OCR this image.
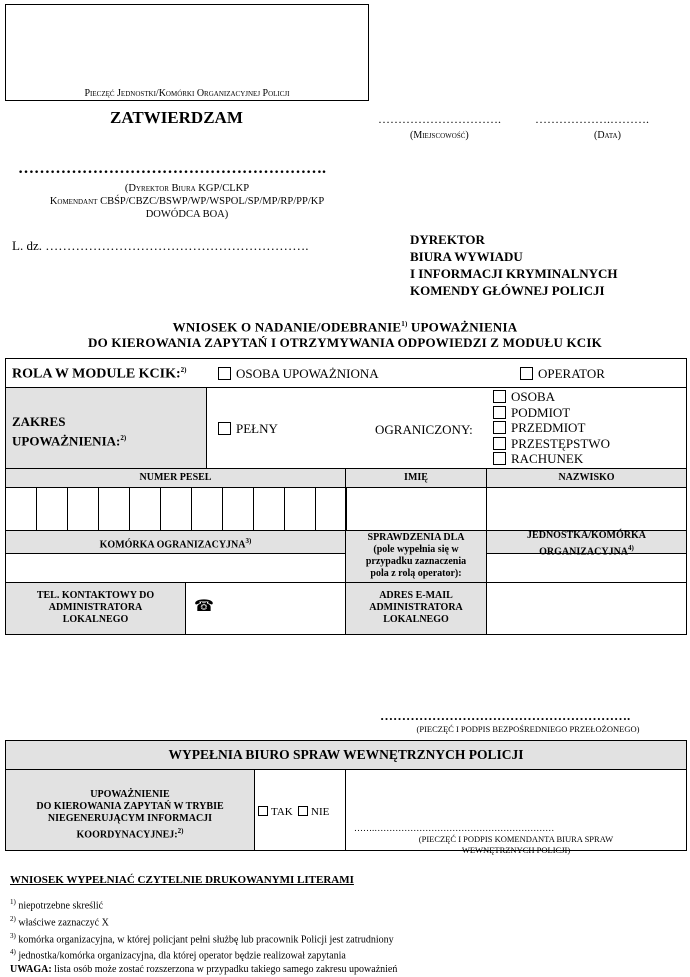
Pieczęć Jednostki/Komórki Organizacyjnej Policji
ZATWIERDZAM	………………………….
(Miejscowość)
……………….……….
(Data)
………………………………………………….
(Dyrektor Biura KGP/CLKP
Komendant CBŚP/CBZC/BSWP/WP/WSPOL/SP/MP/RP/PP/KP
DOWÓDCA BOA)
L. dz. …………………………………………………….	DYREKTOR
BIURA WYWIADU
I INFORMACJI KRYMINALNYCH
KOMENDY GŁÓWNEJ POLICJI
WNIOSEK O NADANIE/ODEBRANIE$^{1)}$ UPOWAŻNIENIA
DO KIEROWANIA ZAPYTAŃ I OTRZYMYWANIA ODPOWIEDZI Z MODUŁU KCIK
ROLA W MODULE KCIK:$^{2)}$	OSOBA UPOWAŻNIONA	OPERATOR
ZAKRES
UPOWAŻNIENIA:$^{2)}$
PEŁNY	OGRANICZONY:
OSOBA
PODMIOT
PRZEDMIOT
PRZESTĘPSTWO
RACHUNEK
NUMER PESEL	IMIĘ	NAZWISKO
KOMÓRKA OGRANIZACYJNA$^{3)}$	SPRAWDZENIA DLA
(pole wypełnia się w
przypadku zaznaczenia
pola z rolą operator):
JEDNOSTKA/KOMÓRKA
ORGANIZACYJNA$^{4)}$
TEL. KONTAKTOWY DO
ADMINISTRATORA
LOKALNEGO
☎
ADRES E-MAIL
ADMINISTRATORA
LOKALNEGO
………………………………………………….
(PIECZĘĆ I PODPIS BEZPOŚREDNIEGO PRZEŁOŻONEGO)
WYPEŁNIA BIURO SPRAW WEWNĘTRZNYCH POLICJI
UPOWAŻNIENIE
DO KIEROWANIA ZAPYTAŃ W TRYBIE
NIEGENERUJĄCYM INFORMACJI
KOORDYNACYJNEJ:$^{2)}$
TAK	NIE
…….……………………………………………………
(PIECZĘĆ I PODPIS KOMENDANTA BIURA SPRAW
WEWNĘTRZNYCH POLICJI)
WNIOSEK WYPEŁNIAĆ CZYTELNIE DRUKOWANYMI LITERAMI
$^{1)}$ niepotrzebne skreślić
$^{2)}$ właściwe zaznaczyć X
$^{3)}$ komórka organizacyjna, w której policjant pełni służbę lub pracownik Policji jest zatrudniony
$^{4)}$ jednostka/komórka organizacyjna, dla której operator będzie realizował zapytania
UWAGA: lista osób może zostać rozszerzona w przypadku takiego samego zakresu upoważnień
